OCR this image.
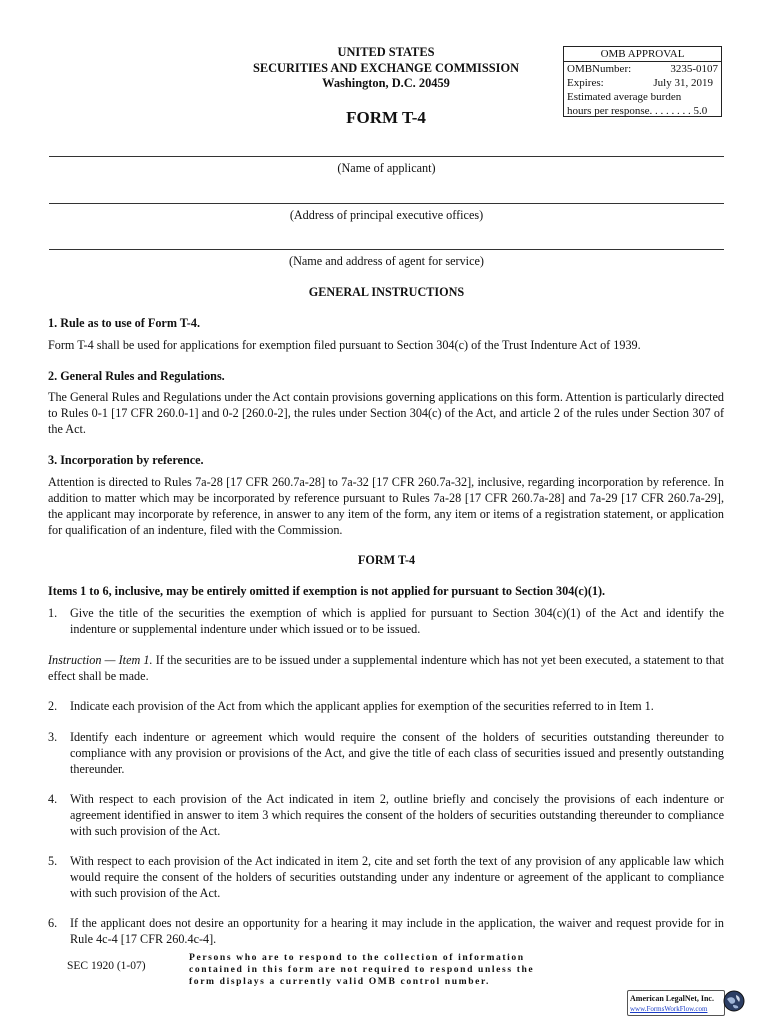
UNITED STATES
SECURITIES AND EXCHANGE COMMISSION
Washington, D.C. 20459
FORM T-4
OMB APPROVAL
OMBNumber:	3235-0107
Expires:	July 31, 2019
Estimated average burden
hours per response. . . . . . . . 5.0
(Name of applicant)
(Address of principal executive offices)
(Name and address of agent for service)
GENERAL INSTRUCTIONS
1. Rule as to use of Form T-4.
Form T-4 shall be used for applications for exemption filed pursuant to Section 304(c) of the Trust Indenture Act of 1939.
2. General Rules and Regulations.
The General Rules and Regulations under the Act contain provisions governing applications on this form. Attention is particularly directed to Rules 0-1 [17 CFR 260.0-1] and 0-2 [260.0-2], the rules under Section 304(c) of the Act, and article 2 of the rules under Section 307 of the Act.
3. Incorporation by reference.
Attention is directed to Rules 7a-28 [17 CFR 260.7a-28] to 7a-32 [17 CFR 260.7a-32], inclusive, regarding incorporation by reference. In addition to matter which may be incorporated by reference pursuant to Rules 7a-28 [17 CFR 260.7a-28] and 7a-29 [17 CFR 260.7a-29], the applicant may incorporate by reference, in answer to any item of the form, any item or items of a registration statement, or application for qualification of an indenture, filed with the Commission.
FORM T-4
Items 1 to 6, inclusive, may be entirely omitted if exemption is not applied for pursuant to Section 304(c)(1).
1. Give the title of the securities the exemption of which is applied for pursuant to Section 304(c)(1) of the Act and identify the indenture or supplemental indenture under which issued or to be issued.
Instruction — Item 1. If the securities are to be issued under a supplemental indenture which has not yet been executed, a statement to that effect shall be made.
2. Indicate each provision of the Act from which the applicant applies for exemption of the securities referred to in Item 1.
3. Identify each indenture or agreement which would require the consent of the holders of securities outstanding thereunder to compliance with any provision or provisions of the Act, and give the title of each class of securities issued and presently outstanding thereunder.
4. With respect to each provision of the Act indicated in item 2, outline briefly and concisely the provisions of each indenture or agreement identified in answer to item 3 which requires the consent of the holders of securities outstanding thereunder to compliance with such provision of the Act.
5. With respect to each provision of the Act indicated in item 2, cite and set forth the text of any provision of any applicable law which would require the consent of the holders of securities outstanding under any indenture or agreement of the applicant to compliance with such provision of the Act.
6. If the applicant does not desire an opportunity for a hearing it may include in the application, the waiver and request provide for in Rule 4c-4 [17 CFR 260.4c-4].
SEC 1920 (1-07)
Persons who are to respond to the collection of information
contained in this form are not required to respond unless the
form displays a currently valid OMB control number.
American LegalNet, Inc.
www.FormsWorkFlow.com
